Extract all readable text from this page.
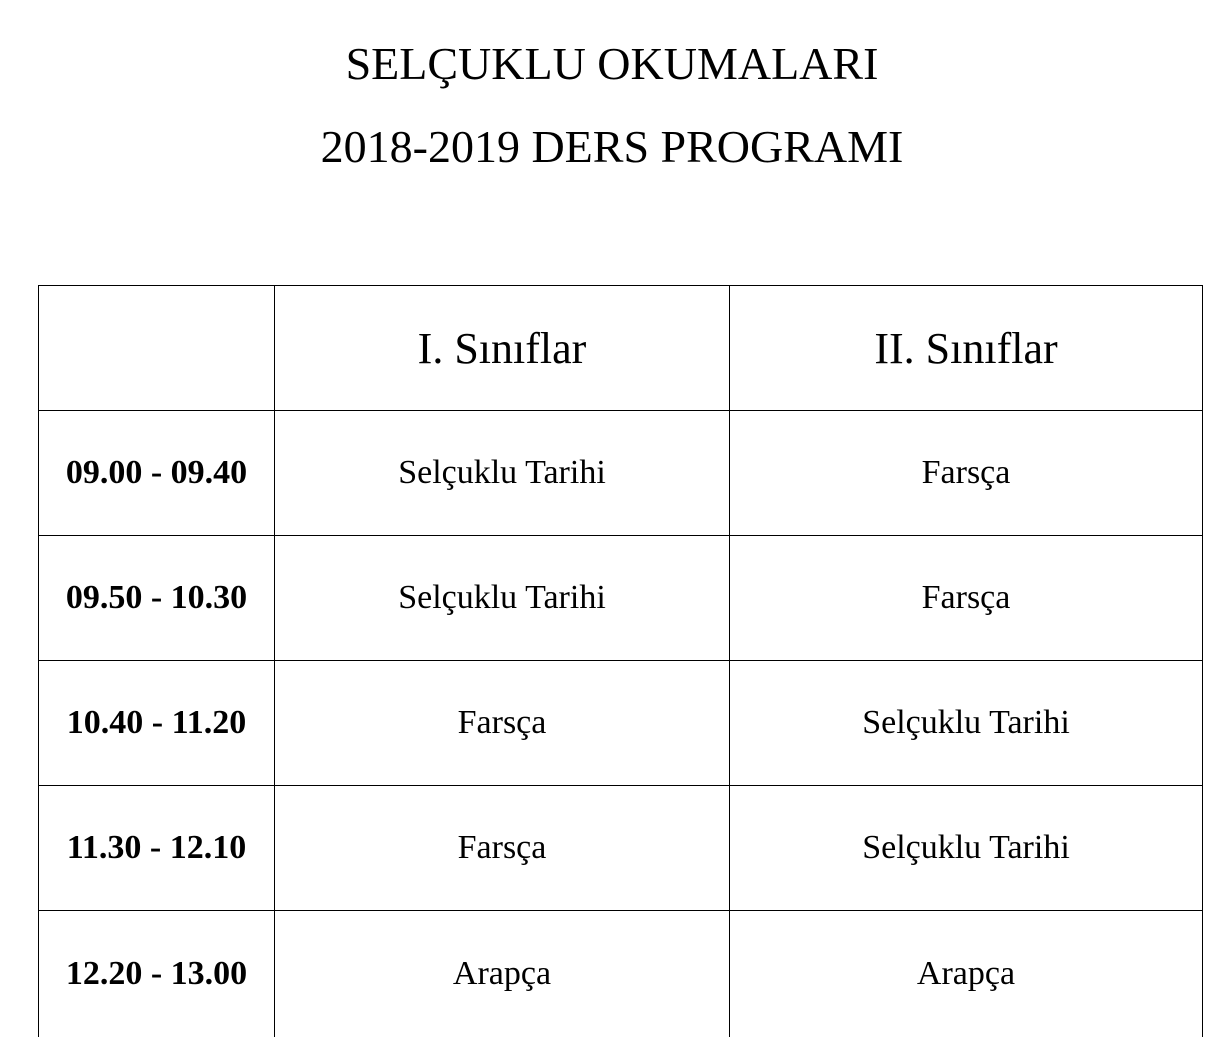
SELÇUKLU OKUMALARI
2018-2019 DERS PROGRAMI
	I. Sınıflar	II. Sınıflar
09.00 - 09.40	Selçuklu Tarihi	Farsça
09.50 - 10.30	Selçuklu Tarihi	Farsça
10.40 - 11.20	Farsça	Selçuklu Tarihi
11.30 - 12.10	Farsça	Selçuklu Tarihi
12.20 - 13.00	Arapça	Arapça
